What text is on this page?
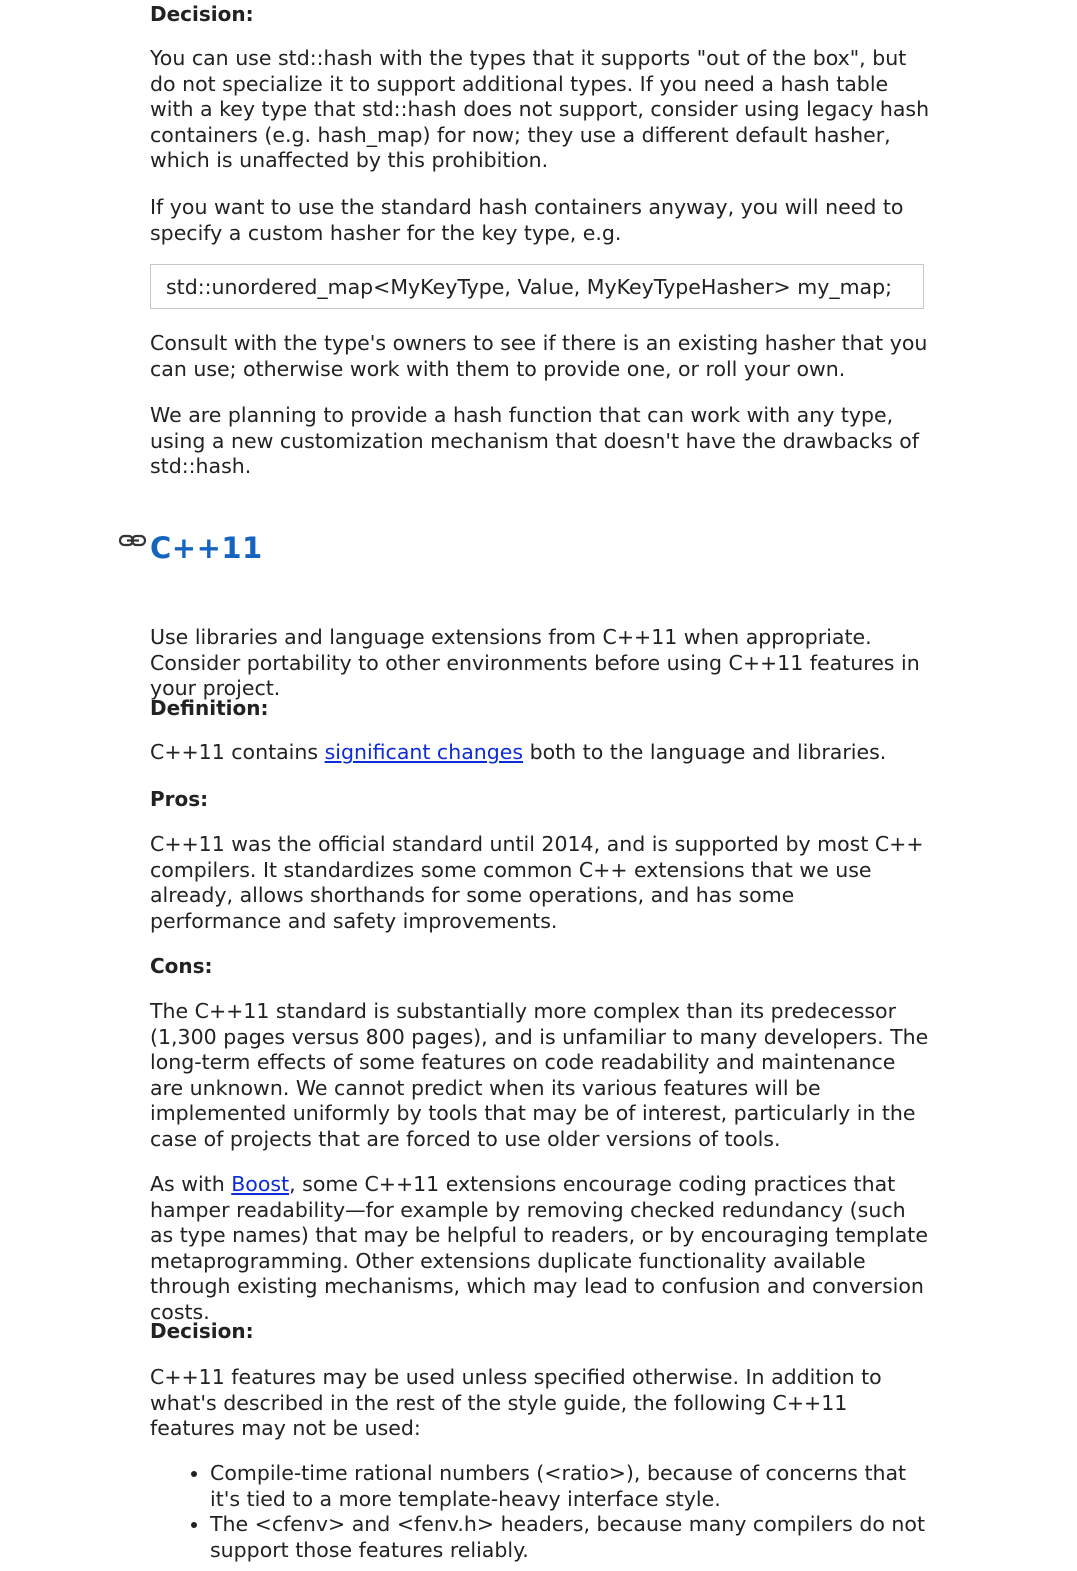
Decision:

You can use std::hash with the types that it supports "out of the box", but do not specialize it to support additional types. If you need a hash table with a key type that std::hash does not support, consider using legacy hash containers (e.g. hash_map) for now; they use a different default hasher, which is unaffected by this prohibition.

If you want to use the standard hash containers anyway, you will need to specify a custom hasher for the key type, e.g.

std::unordered_map<MyKeyType, Value, MyKeyTypeHasher> my_map;

Consult with the type's owners to see if there is an existing hasher that you can use; otherwise work with them to provide one, or roll your own.

We are planning to provide a hash function that can work with any type, using a new customization mechanism that doesn't have the drawbacks of std::hash.

Use libraries and language extensions from C++11 when appropriate. Consider portability to other environments before using C++11 features in your project.

Definition:

C++11 contains significant changes both to the language and libraries.

Pros:

C++11 was the official standard until 2014, and is supported by most C++ compilers. It standardizes some common C++ extensions that we use already, allows shorthands for some operations, and has some performance and safety improvements.

Cons:

The C++11 standard is substantially more complex than its predecessor (1,300 pages versus 800 pages), and is unfamiliar to many developers. The long-term effects of some features on code readability and maintenance are unknown. We cannot predict when its various features will be implemented uniformly by tools that may be of interest, particularly in the case of projects that are forced to use older versions of tools.

As with Boost, some C++11 extensions encourage coding practices that hamper readability—for example by removing checked redundancy (such as type names) that may be helpful to readers, or by encouraging template metaprogramming. Other extensions duplicate functionality available through existing mechanisms, which may lead to confusion and conversion costs.

Decision:

C++11 features may be used unless specified otherwise. In addition to what's described in the rest of the style guide, the following C++11 features may not be used:

• Compile-time rational numbers (<ratio>), because of concerns that it's tied to a more template-heavy interface style.
• The <cfenv> and <fenv.h> headers, because many compilers do not support those features reliably.
C++11
